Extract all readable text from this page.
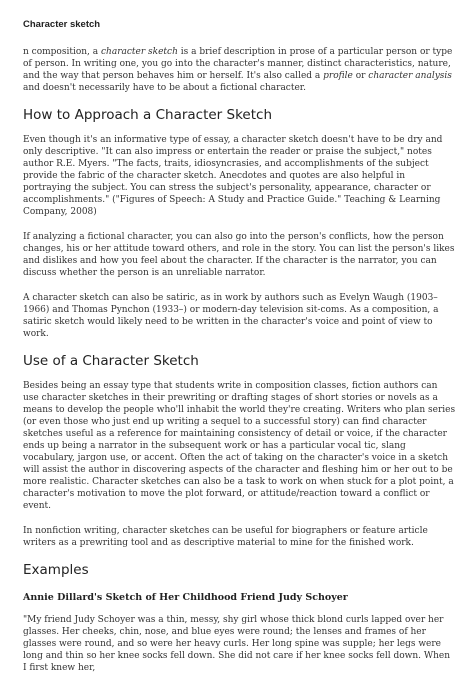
Character sketch

n composition, a character sketch is a brief description in prose of a particular person or type of person. In writing one, you go into the character's manner, distinct characteristics, nature, and the way that person behaves him or herself. It's also called a profile or character analysis and doesn't necessarily have to be about a fictional character.

How to Approach a Character Sketch

Even though it's an informative type of essay, a character sketch doesn't have to be dry and only descriptive. "It can also impress or entertain the reader or praise the subject," notes author R.E. Myers. "The facts, traits, idiosyncrasies, and accomplishments of the subject provide the fabric of the character sketch. Anecdotes and quotes are also helpful in portraying the subject. You can stress the subject's personality, appearance, character or accomplishments." ("Figures of Speech: A Study and Practice Guide." Teaching & Learning Company, 2008)

If analyzing a fictional character, you can also go into the person's conflicts, how the person changes, his or her attitude toward others, and role in the story. You can list the person's likes and dislikes and how you feel about the character. If the character is the narrator, you can discuss whether the person is an unreliable narrator.

A character sketch can also be satiric, as in work by authors such as Evelyn Waugh (1903–1966) and Thomas Pynchon (1933–) or modern-day television sit-coms. As a composition, a satiric sketch would likely need to be written in the character's voice and point of view to work.

Use of a Character Sketch

Besides being an essay type that students write in composition classes, fiction authors can use character sketches in their prewriting or drafting stages of short stories or novels as a means to develop the people who'll inhabit the world they're creating. Writers who plan series (or even those who just end up writing a sequel to a successful story) can find character sketches useful as a reference for maintaining consistency of detail or voice, if the character ends up being a narrator in the subsequent work or has a particular vocal tic, slang vocabulary, jargon use, or accent. Often the act of taking on the character's voice in a sketch will assist the author in discovering aspects of the character and fleshing him or her out to be more realistic. Character sketches can also be a task to work on when stuck for a plot point, a character's motivation to move the plot forward, or attitude/reaction toward a conflict or event.

In nonfiction writing, character sketches can be useful for biographers or feature article writers as a prewriting tool and as descriptive material to mine for the finished work.

Examples
Annie Dillard's Sketch of Her Childhood Friend Judy Schoyer

"My friend Judy Schoyer was a thin, messy, shy girl whose thick blond curls lapped over her glasses. Her cheeks, chin, nose, and blue eyes were round; the lenses and frames of her glasses were round, and so were her heavy curls. Her long spine was supple; her legs were long and thin so her knee socks fell down. She did not care if her knee socks fell down. When I first knew her,
